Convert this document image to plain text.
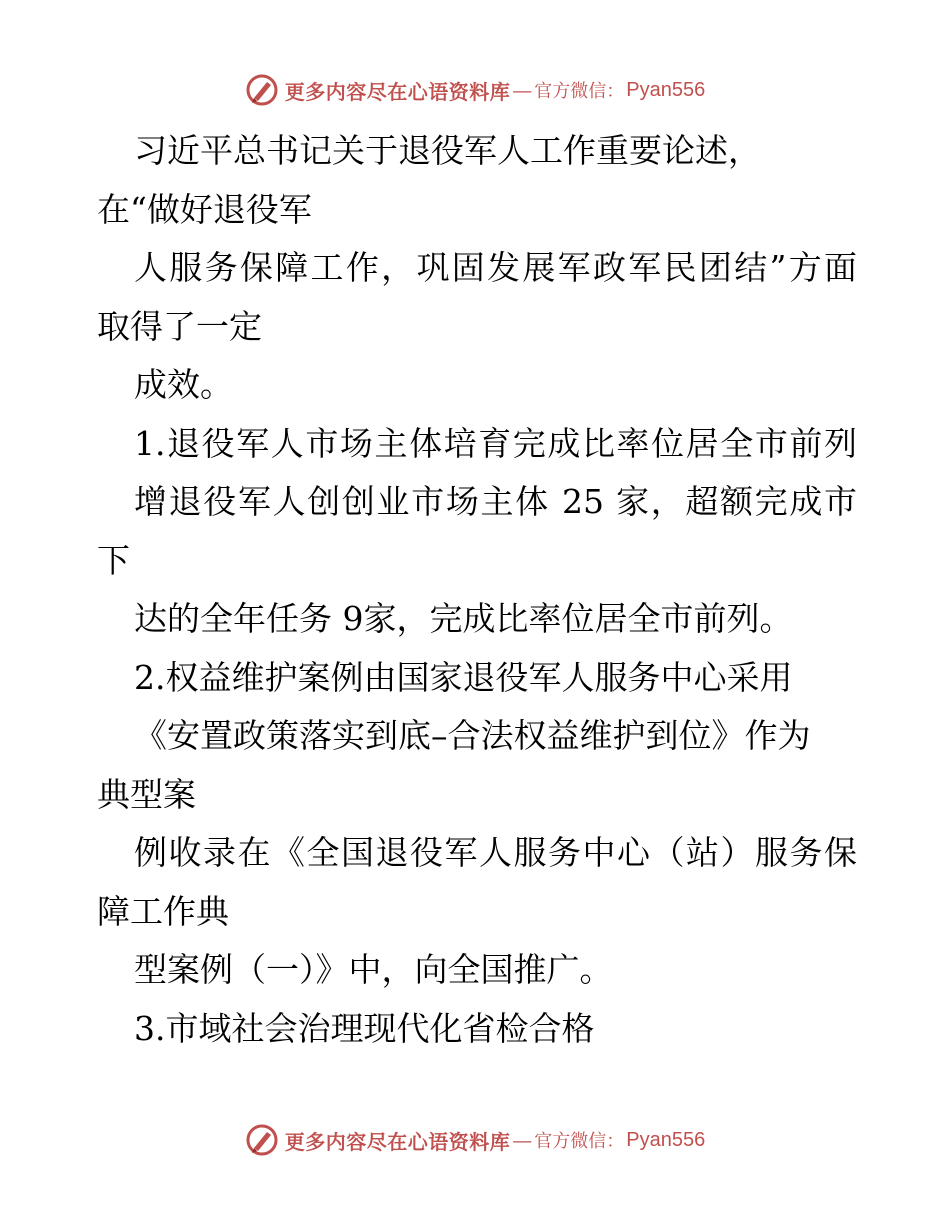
更多内容尽在心语资料库 — 官方微信： Pyan556
习近平总书记关于退役军人工作重要论述，
在“做好退役军
人服务保障工作，巩固发展军政军民团结”方面
取得了一定
成效。
1.退役军人市场主体培育完成比率位居全市前列
增退役军人创创业市场主体 25 家，超额完成市
下
达的全年任务 9家，完成比率位居全市前列。
2.权益维护案例由国家退役军人服务中心采用
《安置政策落实到底–合法权益维护到位》作为
典型案
例收录在《全国退役军人服务中心（站）服务保
障工作典
型案例（一）》中，向全国推广。
3.市域社会治理现代化省检合格
更多内容尽在心语资料库 — 官方微信： Pyan556
